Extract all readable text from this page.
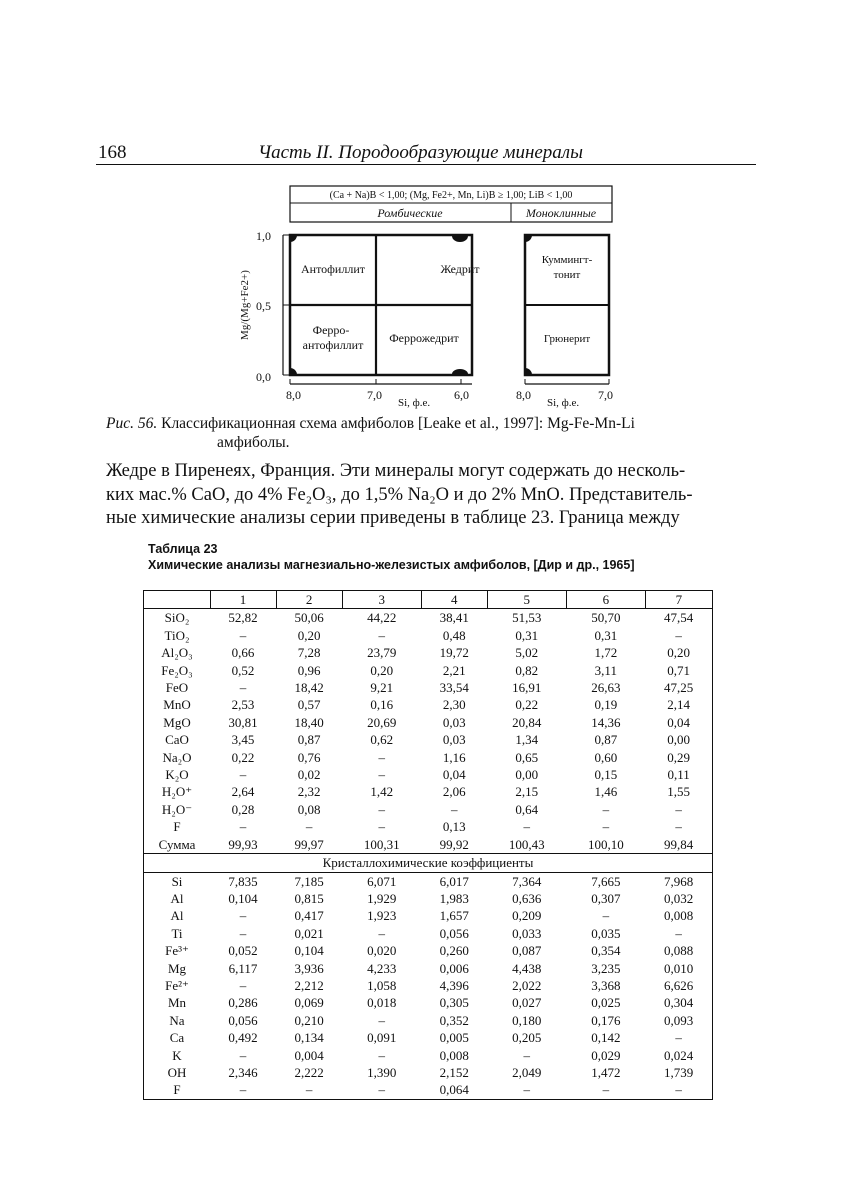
168	Часть II. Породообразующие минералы
(Ca + Na)B < 1,00; (Mg, Fe2+, Mn, Li)B ≥ 1,00; LiB < 1,00
Ромбические	Моноклинные
1,0
0,5
0,0
Mg/(Mg+Fe2+)
Антофиллит	Жедрит
Ферро-
антофиллит Феррожедрит
8,0	7,0	6,0
Si, ф.е.
Куммингт-
тонит
Грюнерит
8,0	7,0
Si, ф.е.
Рис. 56. Классификационная схема амфиболов [Leake et al., 1997]: Mg-Fe-Mn-Li
амфиболы.
Жедре в Пиренеях, Франция. Эти минералы могут содержать до несколь-
ких мас.% CaO, до 4% Fe₂O₃, до 1,5% Na₂O и до 2% MnO. Представитель-
ные химические анализы серии приведены в таблице 23. Граница между
Таблица 23
Химические анализы магнезиально-железистых амфиболов, [Дир и др., 1965]
	1	2	3	4	5	6	7
SiO₂	52,82	50,06	44,22	38,41	51,53	50,70	47,54
TiO₂	–	0,20	–	0,48	0,31	0,31	–
Al₂O₃	0,66	7,28	23,79	19,72	5,02	1,72	0,20
Fe₂O₃	0,52	0,96	0,20	2,21	0,82	3,11	0,71
FeO	–	18,42	9,21	33,54	16,91	26,63	47,25
MnO	2,53	0,57	0,16	2,30	0,22	0,19	2,14
MgO	30,81	18,40	20,69	0,03	20,84	14,36	0,04
CaO	3,45	0,87	0,62	0,03	1,34	0,87	0,00
Na₂O	0,22	0,76	–	1,16	0,65	0,60	0,29
K₂O	–	0,02	–	0,04	0,00	0,15	0,11
H₂O⁺	2,64	2,32	1,42	2,06	2,15	1,46	1,55
H₂O⁻	0,28	0,08	–	–	0,64	–	–
F	–	–	–	0,13	–	–	–
Сумма	99,93	99,97	100,31	99,92	100,43	100,10	99,84
Кристаллохимические коэффициенты							
Si	7,835	7,185	6,071	6,017	7,364	7,665	7,968
Al	0,104	0,815	1,929	1,983	0,636	0,307	0,032
Al	–	0,417	1,923	1,657	0,209	–	0,008
Ti	–	0,021	–	0,056	0,033	0,035	–
Fe³⁺	0,052	0,104	0,020	0,260	0,087	0,354	0,088
Mg	6,117	3,936	4,233	0,006	4,438	3,235	0,010
Fe²⁺	–	2,212	1,058	4,396	2,022	3,368	6,626
Mn	0,286	0,069	0,018	0,305	0,027	0,025	0,304
Na	0,056	0,210	–	0,352	0,180	0,176	0,093
Ca	0,492	0,134	0,091	0,005	0,205	0,142	–
K	–	0,004	–	0,008	–	0,029	0,024
OH	2,346	2,222	1,390	2,152	2,049	1,472	1,739
F	–	–	–	0,064	–	–	–
